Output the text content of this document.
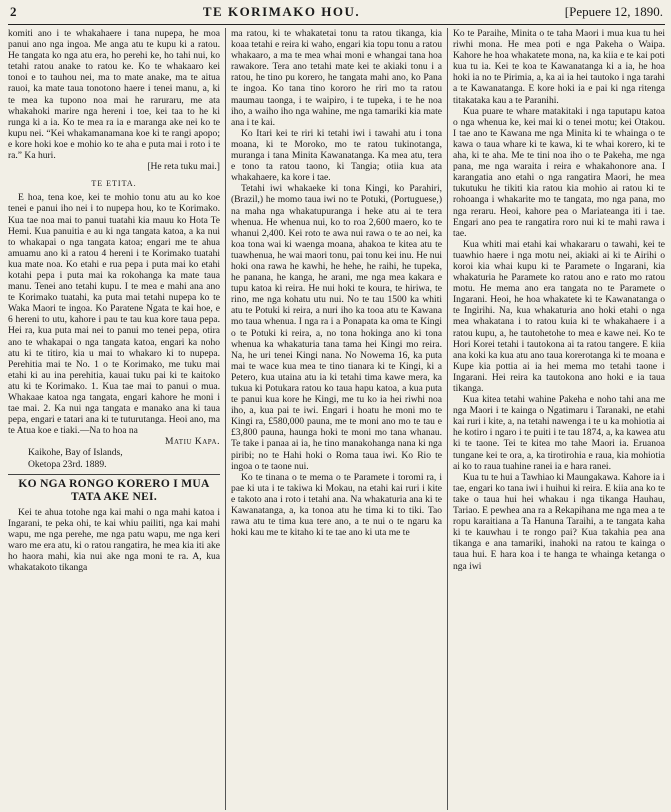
2	TE KORIMAKO HOU.	[Pepuere 12, 1890.

komiti ano i te whakahaere i tana nupepa, he moa panui ano nga ingoa. Me anga atu te kupu ki a ratou. He tangata ko nga atu era, ho perehi ke, ho tahi nui, ko tetahi ratou anake to ratou ke. Ko te whakaaro kei tonoi e to tauhou nei, ma to mate anake, ma te aitua rauoi, ka mate taua tonotono haere i tenei manu, a, ki te mea ka tupono noa mai he raruraru, me ata whakahoki marire nga hereni i toe, kei taa to he ki runga ki a ia. Ko te mea ra ia e maranga ake nei ko te kupu nei. “Kei whakamanamana koe ki te rangi apopo; e kore hoki koe e mohio ko te aha e puta mai i roto i te ra.” Ka huri.

[He reta tuku mai.]

TE ETITA.

E hoa, tena koe, kei te mohio tonu atu au ko koe tenei e panui iho nei i to nupepa hou, ko te Korimako. Kua tae noa mai to panui tuatahi kia mauu ko Hota Te Hemi. Kua panuitia e au ki nga tangata katoa, a ka nui to whakapai o nga tangata katoa; engari me te ahua amuamu ano ki a ratou 4 hereni i te Korimako tuatahi kua mate noa. Ko etahi e rua pepa i puta mai ko etahi kotahi pepa i puta mai ka rokohanga ka mate taua manu. Tenei ano tetahi kupu. I te mea e mahi ana ano te Korimako tuatahi, ka puta mai tetahi nupepa ko te Waka Maori te ingoa. Ko Paratene Ngata te kai hoe, e 6 hereni to utu, kahore i pau te tau kua kore taua pepa. Hei ra, kua puta mai nei to panui mo tenei pepa, otira ano te whakapai o nga tangata katoa, engari ka noho atu ki te titiro, kia u mai to whakaro ki to nupepa. Perehitia mai te No. 1 o te Korimako, me tuku mai etahi ki au ina perehitia, kauai tuku pai ki te kaitoko atu ki te Korimako. 1. Kua tae mai to panui o mua. Whakaae katoa nga tangata, engari kahore he moni i tae mai. 2. Ka nui nga tangata e manako ana ki taua pepa, engari e tatari ana ki te tuturutanga. Heoi ano, ma te Atua koe e tiaki.—Na to hoa na

Matiu Kapa.

Kaikohe, Bay of Islands,

Oketopa 23rd. 1889.

KO NGA RONGO KORERO I MUA TATA AKE NEI.

Kei te ahua totohe nga kai mahi o nga mahi katoa i Ingarani, te peka ohi, te kai whiu pailiti, nga kai mahi wapu, me nga perehe, me nga patu wapu, me nga keri waro me era atu, ki o ratou rangatira, he mea kia iti ake ho haora mahi, kia nui ake nga moni te ra. A, kua whakatakoto tikanga

ma ratou, ki te whakatetai tonu ta ratou tikanga, kia koaa tetahi e reira ki waho, engari kia topu tonu a ratou whakaaro, a ma te mea whai moni e whangai tana hoa rawakore. Tera ano tetahi mate kei te akiaki tonu i a ratou, he tino pu korero, he tangata mahi ano, ko Pana te ingoa. Ko tana tino kororo he riri mo ta ratou maumau taonga, i te waipiro, i te tupeka, i te he noa iho, a waiho iho nga wahine, me nga tamariki kia mate ana i te kai.

Ko Itari kei te riri ki tetahi iwi i tawahi atu i tona moana, ki te Moroko, mo te ratou tukinotanga, muranga i tana Minita Kawanatanga. Ka mea atu, tera e tono ta ratou taono, ki Tangia; otiia kua ata whakahaere, ka kore i tae.

Tetahi iwi whakaeke ki tona Kingi, ko Parahiri, (Brazil,) he momo taua iwi no te Potuki, (Portuguese,) na maha nga whakatupuranga i heke atu ai te tera whenua. He whenua nui, ko to roa 2,600 maero, ko te whanui 2,400. Kei roto te awa nui rawa o te ao nei, ka koa tona wai ki waenga moana, ahakoa te kitea atu te tuawhenua, he wai maori tonu, pai tonu kei inu. He nui hoki ona rawa he kawhi, he hehe, he raihi, he tupeka, he panana, he kanga, he arani, me nga mea kakara e tupu katoa ki reira. He nui hoki te koura, te hiriwa, te rino, me nga kohatu utu nui. No te tau 1500 ka whiti atu te Potuki ki reira, a nuri iho ka tooa atu te Kawana mo taua whenua. I nga ra i a Ponapata ka oma te Kingi o te Potuki ki reira, a, no tona hokinga ano ki tona whenua ka whakaturia tana tama hei Kingi mo reira. Na, he uri tenei Kingi nana. No Nowema 16, ka puta mai te wace kua mea te tino tianara ki te Kingi, ki a Petero, kua utaina atu ia ki tetahi tima kawe mera, ka tukua ki Potukara ratou ko taua hapu katoa, a kua puta te panui kua kore he Kingi, me tu ko ia hei riwhi noa iho, a, kua pai te iwi. Engari i hoatu he moni mo te Kingi ra, £580,000 pauna, me te moni ano mo te tau e £3,800 pauna, haunga hoki te moni mo tana whanau. Te take i panaa ai ia, he tino manakohanga nana ki nga piribi; no te Hahi hoki o Roma taua iwi. Ko Rio te ingoa o te taone nui.

Ko te tinana o te mema o te Paramete i toromi ra, i pae ki uta i te takiwa ki Mokau, na etahi kai ruri i kite e takoto ana i roto i tetahi ana. Na whakaturia ana ki te Kawanatanga, a, ka tonoa atu he tima ki to tiki. Tao rawa atu te tima kua tere ano, a te nui o te ngaru ka hoki kau me te kitaho ki te tae ano ki uta me te

Ko te Paraihe, Minita o te taha Maori i mua kua tu hei riwhi mona. He mea poti e nga Pakeha o Waipa. Kahore he hoa whakatete mona, na, ka kiia e te kai poti kua tu ia. Kei te koa te Kawanatanga ki a ia, he hoa hoki ia no te Pirimia, a, ka ai ia hei tautoko i nga tarahi a te Kawanatanga. E kore hoki ia e pai ki nga ritenga titakataka kau a te Paranihi.

Kua puare te whare matakitaki i nga taputapu katoa o nga whenua ke, kei mai ki o tenei motu; kei Otakou. I tae ano te Kawana me nga Minita ki te whainga o te kawa o taua whare ki te kawa, ki te whai korero, ki te aha, ki te aha. Me te tini noa iho o te Pakeha, me nga pana, me nga waraita i reira e whakahonore ana. I karangatia ano etahi o nga rangatira Maori, he mea tukutuku he tikiti kia ratou kia mohio ai ratou ki te rohoanga i whakarite mo te tangata, mo nga pana, mo nga reraru. Heoi, kahore pea o Mariateanga iti i tae. Engari ano pea te rangatira roro nui ki te mahi rawa i tae.

Kua whiti mai etahi kai whakararu o tawahi, kei te tuawhio haere i nga motu nei, akiaki ai ki te Airihi o koroi kia whai kupu ki te Paramete o Ingarani, kia whakaturia he Paramete ko ratou ano e rato mo ratou motu. He mema ano era tangata no te Paramete o Ingarani. Heoi, he hoa whakatete ki te Kawanatanga o te Ingirihi. Na, kua whakaturia ano hoki etahi o nga mea whakatana i to ratou kuia ki te whakahaere i a ratou kupu, a, he tautohetohe to mea e kawe nei. Ko te Hori Korei tetahi i tautokona ai ta ratou tangere. E kiia ana koki ka kua atu ano taua korerotanga ki te moana e Kupe kia pottia ai ia hei mema mo tetahi taone i Ingarani. Hei reira ka tautokona ano hoki e ia taua tikanga.

Kua kitea tetahi wahine Pakeha e noho tahi ana me nga Maori i te kainga o Ngatimaru i Taranaki, ne etahi kai ruri i kite, a, na tetahi nawenga i te u ka mohiotia ai he kotiro i ngaro i te puiti i te tau 1874, a, ka kawea atu ki te taone. Tei te kitea mo tahe Maori ia. Eruanoa tungane kei te ora, a, ka tirotirohia e raua, kia mohiotia ai ko to raua tuahine ranei ia e hara ranei.

Kua tu te hui a Tawhiao ki Maungakawa. Kahore ia i tae, engari ko tana iwi i huihui ki reira. E kiia ana ko te take o taua hui hei whakau i nga tikanga Hauhau, Tariao. E pewhea ana ra a Rekapihana me nga mea a te ropu karaitiana a Ta Hanuna Taraihi, a te tangata kaha ki te kauwhau i te rongo pai? Kua takahia pea ana tikanga e ana tamariki, inahoki na ratou te kainga o taua hui. E hara koa i te hanga te whainga ketanga o nga iwi
